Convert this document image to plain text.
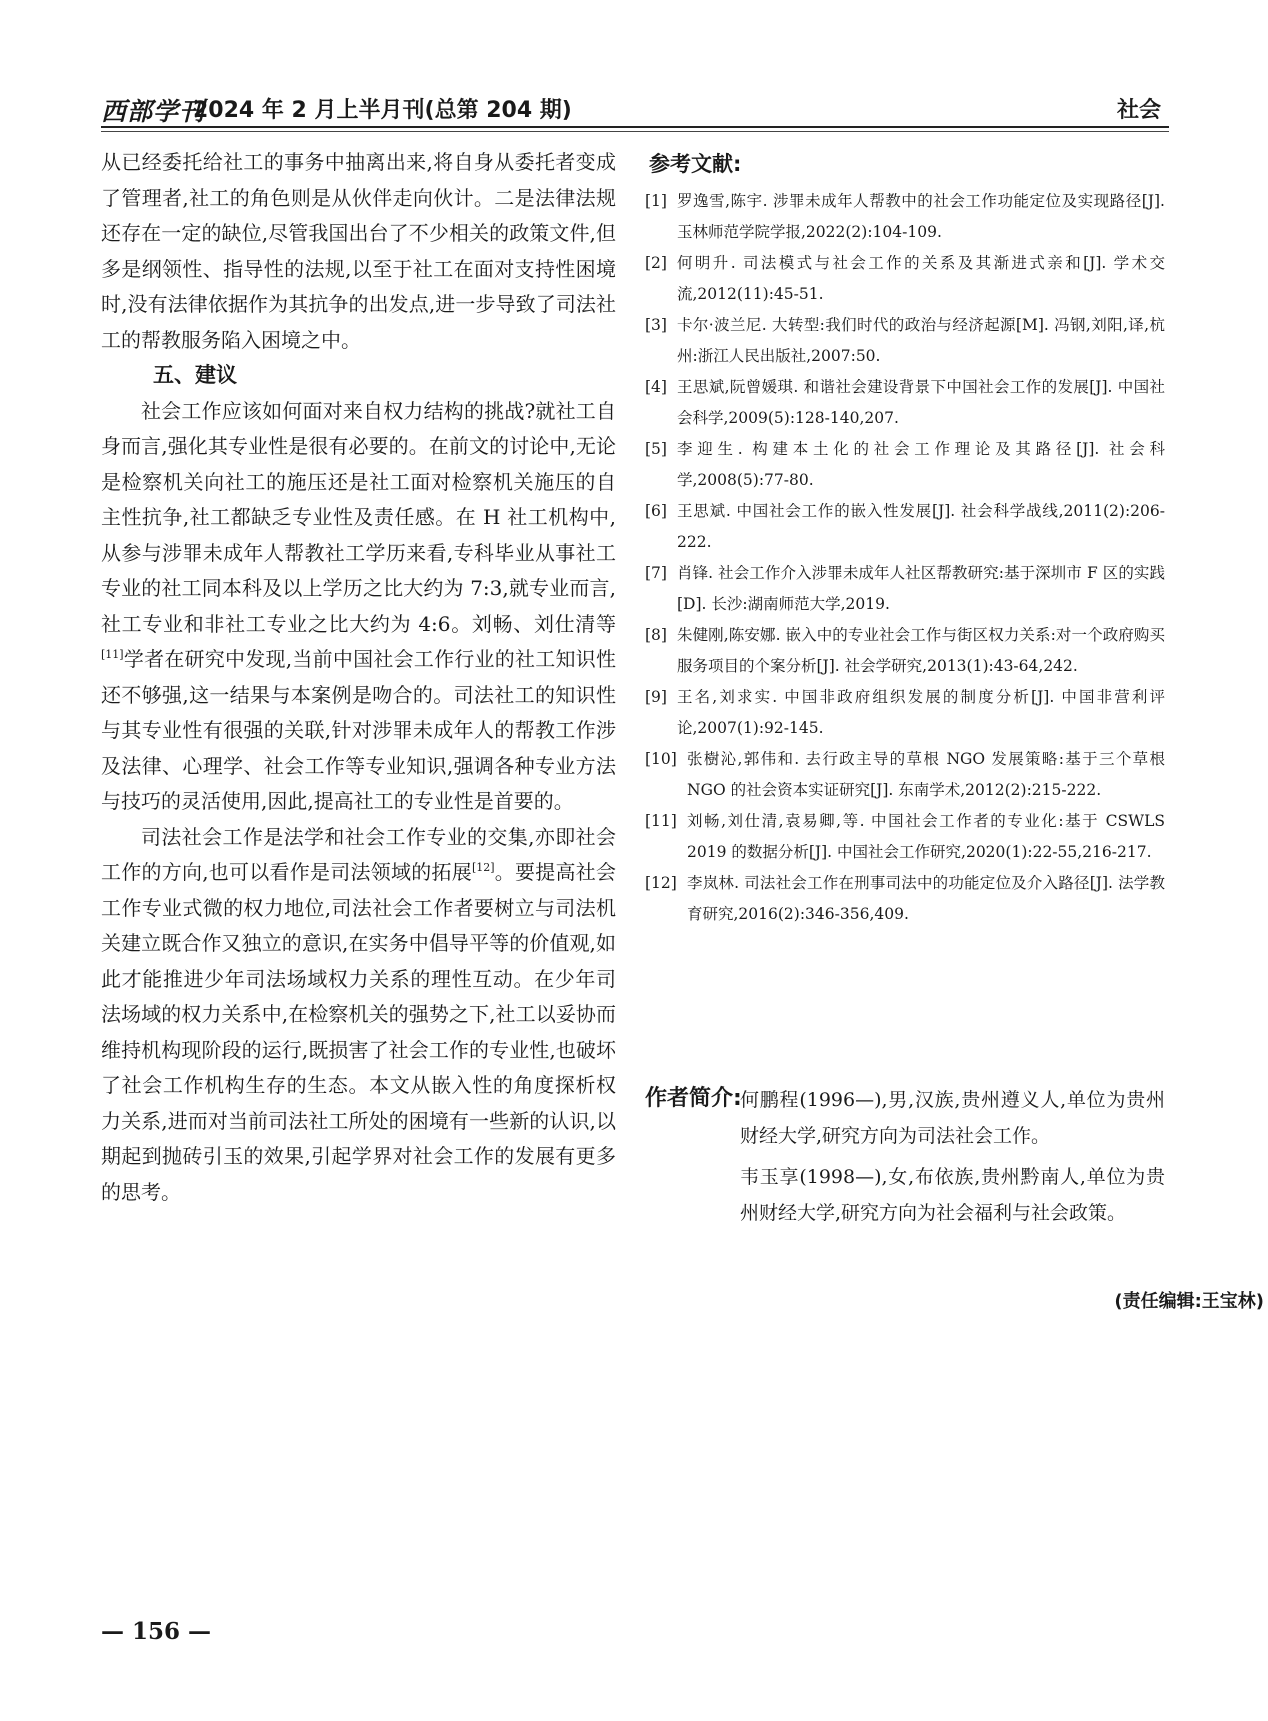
西部学刊
2024 年 2 月上半月刊(总第 204 期)	社会

从已经委托给社工的事务中抽离出来,将自身从委托者变成了管理者,社工的角色则是从伙伴走向伙计。二是法律法规还存在一定的缺位,尽管我国出台了不少相关的政策文件,但多是纲领性、指导性的法规,以至于社工在面对支持性困境时,没有法律依据作为其抗争的出发点,进一步导致了司法社工的帮教服务陷入困境之中。

五、建议

社会工作应该如何面对来自权力结构的挑战?就社工自身而言,强化其专业性是很有必要的。在前文的讨论中,无论是检察机关向社工的施压还是社工面对检察机关施压的自主性抗争,社工都缺乏专业性及责任感。在 H 社工机构中,从参与涉罪未成年人帮教社工学历来看,专科毕业从事社工专业的社工同本科及以上学历之比大约为 7:3,就专业而言,社工专业和非社工专业之比大约为 4:6。刘畅、刘仕清等[11]学者在研究中发现,当前中国社会工作行业的社工知识性还不够强,这一结果与本案例是吻合的。司法社工的知识性与其专业性有很强的关联,针对涉罪未成年人的帮教工作涉及法律、心理学、社会工作等专业知识,强调各种专业方法与技巧的灵活使用,因此,提高社工的专业性是首要的。

司法社会工作是法学和社会工作专业的交集,亦即社会工作的方向,也可以看作是司法领域的拓展[12]。要提高社会工作专业式微的权力地位,司法社会工作者要树立与司法机关建立既合作又独立的意识,在实务中倡导平等的价值观,如此才能推进少年司法场域权力关系的理性互动。在少年司法场域的权力关系中,在检察机关的强势之下,社工以妥协而维持机构现阶段的运行,既损害了社会工作的专业性,也破坏了社会工作机构生存的生态。本文从嵌入性的角度探析权力关系,进而对当前司法社工所处的困境有一些新的认识,以期起到抛砖引玉的效果,引起学界对社会工作的发展有更多的思考。

参考文献:
[1] 罗逸雪,陈宇. 涉罪未成年人帮教中的社会工作功能定位及实现路径[J]. 玉林师范学院学报,2022(2):104-109.
[2] 何明升. 司法模式与社会工作的关系及其渐进式亲和[J]. 学术交流,2012(11):45-51.
[3] 卡尔·波兰尼. 大转型:我们时代的政治与经济起源[M]. 冯钢,刘阳,译,杭州:浙江人民出版社,2007:50.
[4] 王思斌,阮曾媛琪. 和谐社会建设背景下中国社会工作的发展[J]. 中国社会科学,2009(5):128-140,207.
[5] 李迎生. 构建本土化的社会工作理论及其路径[J]. 社会科学,2008(5):77-80.
[6] 王思斌. 中国社会工作的嵌入性发展[J]. 社会科学战线,2011(2):206-222.
[7] 肖锋. 社会工作介入涉罪未成年人社区帮教研究:基于深圳市 F 区的实践[D]. 长沙:湖南师范大学,2019.
[8] 朱健刚,陈安娜. 嵌入中的专业社会工作与街区权力关系:对一个政府购买服务项目的个案分析[J]. 社会学研究,2013(1):43-64,242.
[9] 王名,刘求实. 中国非政府组织发展的制度分析[J]. 中国非营利评论,2007(1):92-145.
[10] 张樹沁,郭伟和. 去行政主导的草根 NGO 发展策略:基于三个草根 NGO 的社会资本实证研究[J]. 东南学术,2012(2):215-222.
[11] 刘畅,刘仕清,袁易卿,等. 中国社会工作者的专业化:基于 CSWLS 2019 的数据分析[J]. 中国社会工作研究,2020(1):22-55,216-217.
[12] 李岚林. 司法社会工作在刑事司法中的功能定位及介入路径[J]. 法学教育研究,2016(2):346-356,409.
作者简介:

何鹏程(1996—),男,汉族,贵州遵义人,单位为贵州财经大学,研究方向为司法社会工作。

韦玉享(1998—),女,布依族,贵州黔南人,单位为贵州财经大学,研究方向为社会福利与社会政策。

(责任编辑:王宝林)
— 156 —
